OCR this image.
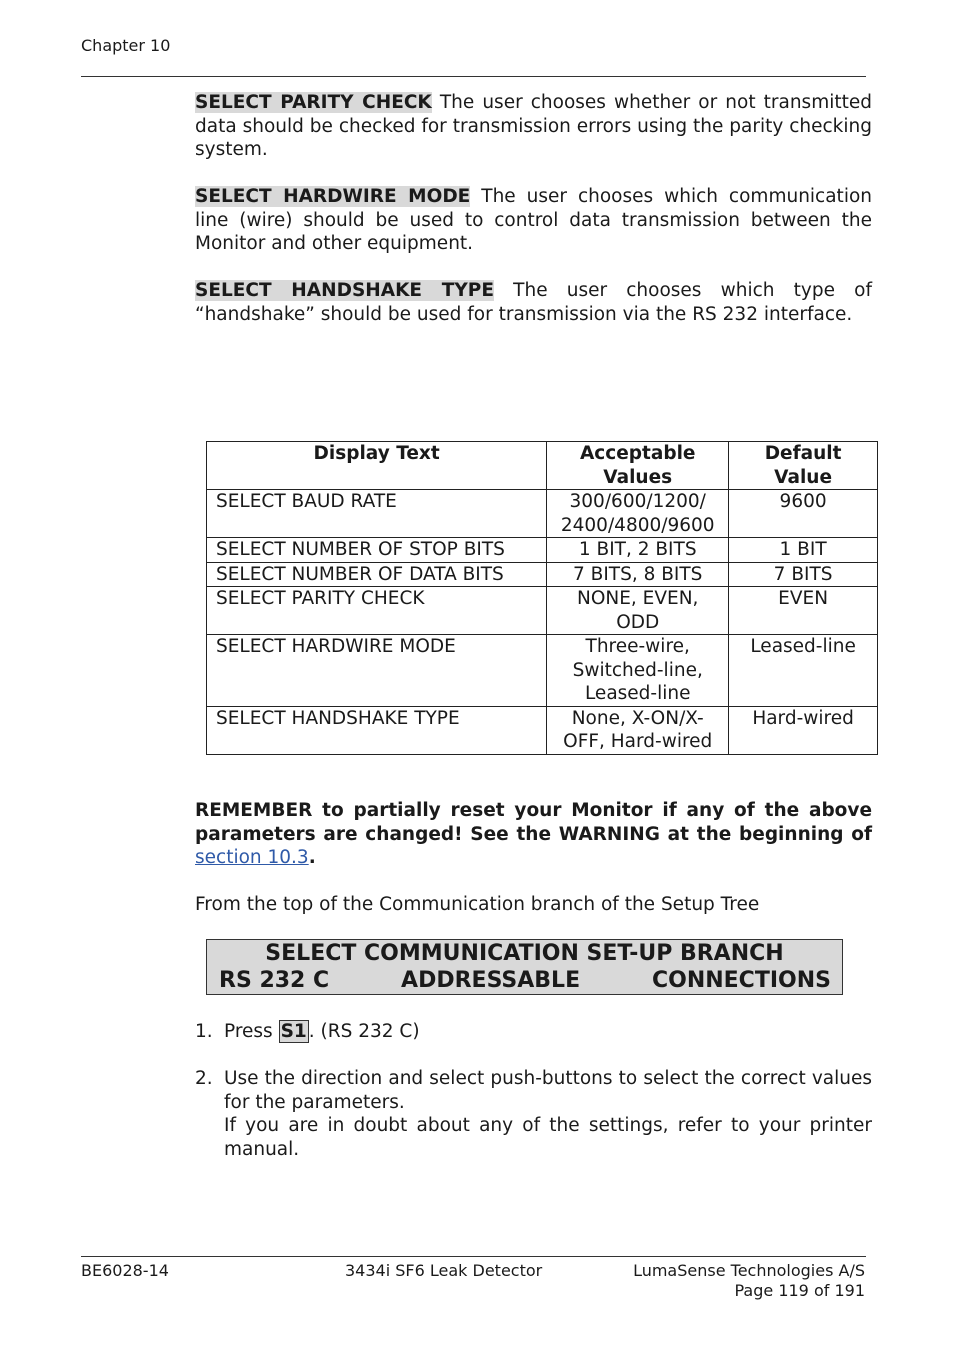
Chapter 10
SELECT PARITY CHECK The user chooses whether or not transmitted data should be checked for transmission errors using the parity checking system.
SELECT HARDWIRE MODE The user chooses which communication line (wire) should be used to control data transmission between the Monitor and other equipment.
SELECT HANDSHAKE TYPE The user chooses which type of “handshake” should be used for transmission via the RS 232 interface.
Display Text	Acceptable Values	Default Value
SELECT BAUD RATE	300/600/1200/ 2400/4800/9600	9600
SELECT NUMBER OF STOP BITS	1 BIT, 2 BITS	1 BIT
SELECT NUMBER OF DATA BITS	7 BITS, 8 BITS	7 BITS
SELECT PARITY CHECK	NONE, EVEN, ODD	EVEN
SELECT HARDWIRE MODE	Three-wire, Switched-line, Leased-line	Leased-line
SELECT HANDSHAKE TYPE	None, X-ON/X-OFF, Hard-wired	Hard-wired
REMEMBER to partially reset your Monitor if any of the above parameters are changed! See the WARNING at the beginning of section 10.3.
From the top of the Communication branch of the Setup Tree
SELECT COMMUNICATION SET-UP BRANCH
RS 232 C	ADDRESSABLE	CONNECTIONS
1. Press S1 . (RS 232 C)
2. Use the direction and select push-buttons to select the correct values for the parameters.
If you are in doubt about any of the settings, refer to your printer manual.
BE6028-14	3434i SF6 Leak Detector	LumaSense Technologies A/S
Page 119 of 191
